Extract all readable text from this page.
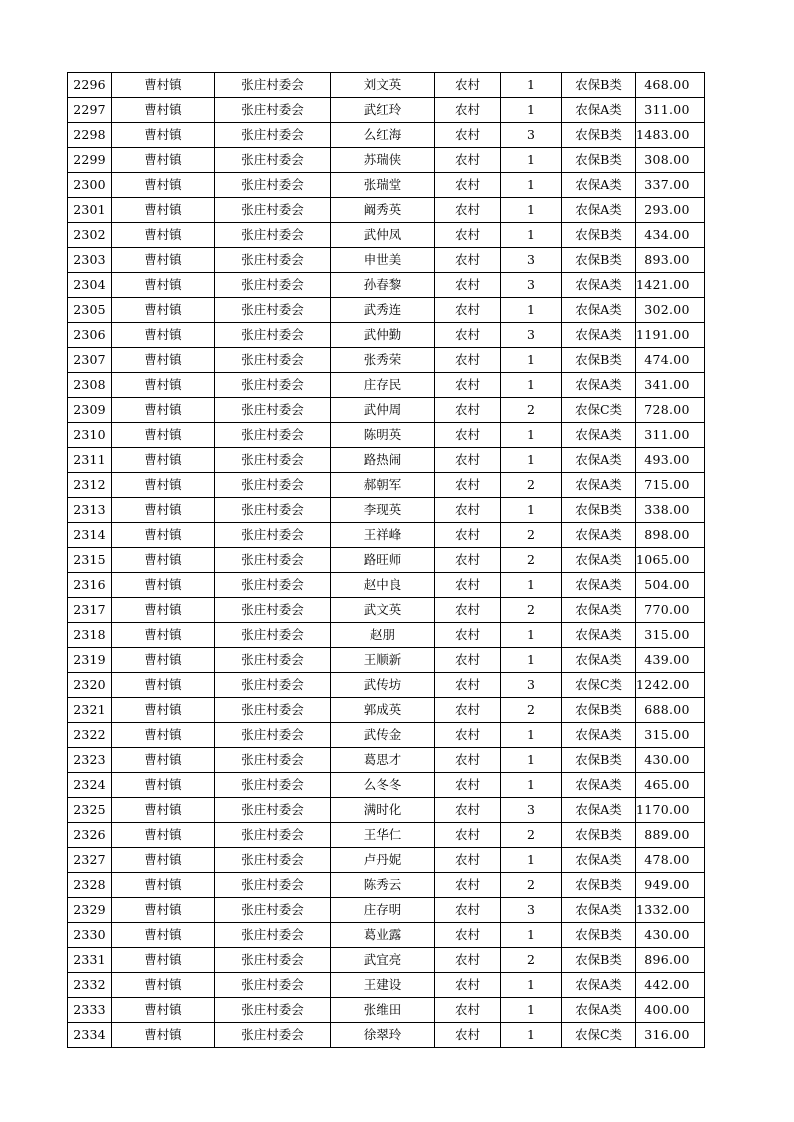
2296	曹村镇	张庄村委会	刘文英	农村	1	农保B类	468.00
2297	曹村镇	张庄村委会	武红玲	农村	1	农保A类	311.00
2298	曹村镇	张庄村委会	么红海	农村	3	农保B类	1483.00
2299	曹村镇	张庄村委会	苏瑞侠	农村	1	农保B类	308.00
2300	曹村镇	张庄村委会	张瑞堂	农村	1	农保A类	337.00
2301	曹村镇	张庄村委会	阚秀英	农村	1	农保A类	293.00
2302	曹村镇	张庄村委会	武仲凤	农村	1	农保B类	434.00
2303	曹村镇	张庄村委会	申世美	农村	3	农保B类	893.00
2304	曹村镇	张庄村委会	孙春黎	农村	3	农保A类	1421.00
2305	曹村镇	张庄村委会	武秀连	农村	1	农保A类	302.00
2306	曹村镇	张庄村委会	武仲勤	农村	3	农保A类	1191.00
2307	曹村镇	张庄村委会	张秀荣	农村	1	农保B类	474.00
2308	曹村镇	张庄村委会	庄存民	农村	1	农保A类	341.00
2309	曹村镇	张庄村委会	武仲周	农村	2	农保C类	728.00
2310	曹村镇	张庄村委会	陈明英	农村	1	农保A类	311.00
2311	曹村镇	张庄村委会	路热闹	农村	1	农保A类	493.00
2312	曹村镇	张庄村委会	郝朝军	农村	2	农保A类	715.00
2313	曹村镇	张庄村委会	李现英	农村	1	农保B类	338.00
2314	曹村镇	张庄村委会	王祥峰	农村	2	农保A类	898.00
2315	曹村镇	张庄村委会	路旺师	农村	2	农保A类	1065.00
2316	曹村镇	张庄村委会	赵中良	农村	1	农保A类	504.00
2317	曹村镇	张庄村委会	武文英	农村	2	农保A类	770.00
2318	曹村镇	张庄村委会	赵朋	农村	1	农保A类	315.00
2319	曹村镇	张庄村委会	王顺新	农村	1	农保A类	439.00
2320	曹村镇	张庄村委会	武传坊	农村	3	农保C类	1242.00
2321	曹村镇	张庄村委会	郭成英	农村	2	农保B类	688.00
2322	曹村镇	张庄村委会	武传金	农村	1	农保A类	315.00
2323	曹村镇	张庄村委会	葛思才	农村	1	农保B类	430.00
2324	曹村镇	张庄村委会	么冬冬	农村	1	农保A类	465.00
2325	曹村镇	张庄村委会	满时化	农村	3	农保A类	1170.00
2326	曹村镇	张庄村委会	王华仁	农村	2	农保B类	889.00
2327	曹村镇	张庄村委会	卢丹妮	农村	1	农保A类	478.00
2328	曹村镇	张庄村委会	陈秀云	农村	2	农保B类	949.00
2329	曹村镇	张庄村委会	庄存明	农村	3	农保A类	1332.00
2330	曹村镇	张庄村委会	葛业露	农村	1	农保B类	430.00
2331	曹村镇	张庄村委会	武宜亮	农村	2	农保B类	896.00
2332	曹村镇	张庄村委会	王建设	农村	1	农保A类	442.00
2333	曹村镇	张庄村委会	张维田	农村	1	农保A类	400.00
2334	曹村镇	张庄村委会	徐翠玲	农村	1	农保C类	316.00
